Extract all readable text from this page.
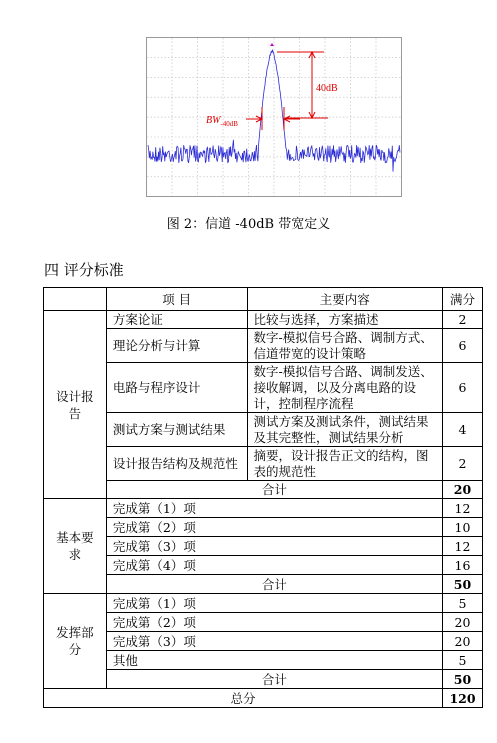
40dB
$BW_{-40dB}$
图 2：信道 -40dB 带宽定义
四 评分标准
	项 目	主要内容	满分
设计报告	方案论证	比较与选择，方案描述	2
	理论分析与计算	数字-模拟信号合路、调制方式、信道带宽的设计策略	6
	电路与程序设计	数字-模拟信号合路、调制发送、接收解调，以及分离电路的设计，控制程序流程	6
	测试方案与测试结果	测试方案及测试条件，测试结果及其完整性，测试结果分析	4
	设计报告结构及规范性	摘要，设计报告正文的结构，图表的规范性	2
	合计		20
基本要求	完成第（1）项		12
	完成第（2）项		10
	完成第（3）项		12
	完成第（4）项		16
	合计		50
发挥部分	完成第（1）项		5
	完成第（2）项		20
	完成第（3）项		20
	其他		5
	合计		50
总分			120
